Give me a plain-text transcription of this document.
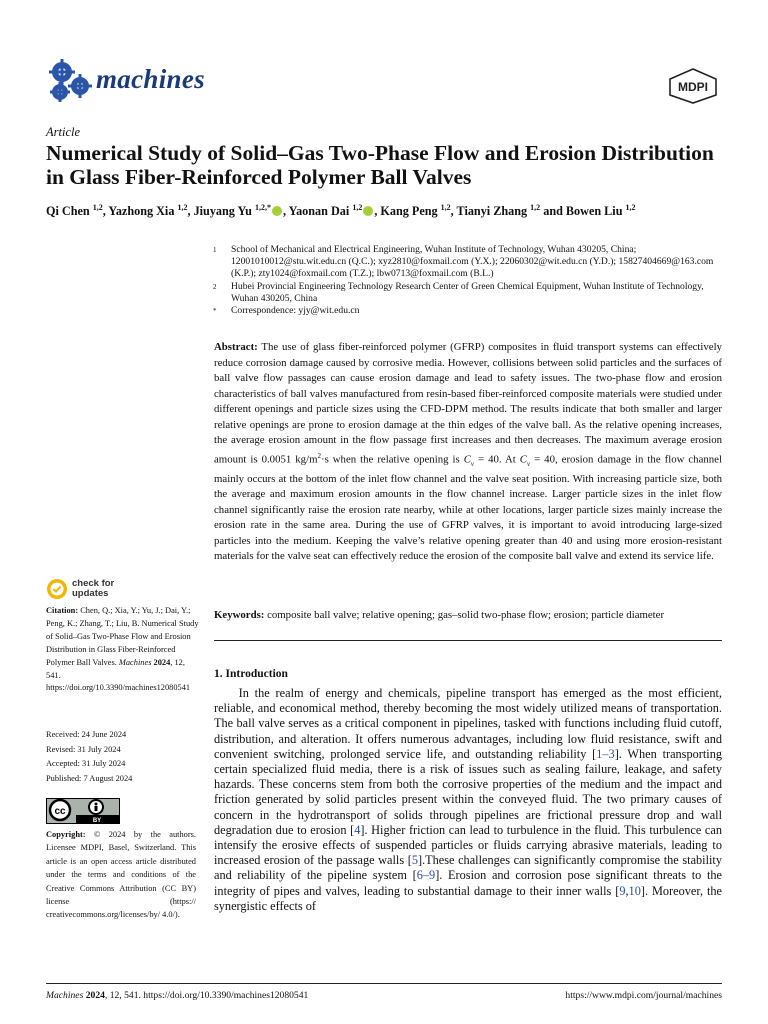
machines	MDPI
Article
Numerical Study of Solid–Gas Two-Phase Flow and Erosion Distribution in Glass Fiber-Reinforced Polymer Ball Valves
Qi Chen $^{1,2}$, Yazhong Xia $^{1,2}$, Jiuyang Yu $^{1,2,*}$ , Yaonan Dai $^{1,2}$ , Kang Peng $^{1,2}$, Tianyi Zhang $^{1,2}$ and Bowen Liu $^{1,2}$
1	School of Mechanical and Electrical Engineering, Wuhan Institute of Technology, Wuhan 430205, China; 12001010012@stu.wit.edu.cn (Q.C.); xyz2810@foxmail.com (Y.X.); 22060302@wit.edu.cn (Y.D.); 15827404669@163.com (K.P.); zty1024@foxmail.com (T.Z.); lbw0713@foxmail.com (B.L.)
2	Hubei Provincial Engineering Technology Research Center of Green Chemical Equipment, Wuhan Institute of Technology, Wuhan 430205, China
*	Correspondence: yjy@wit.edu.cn
Abstract: The use of glass fiber-reinforced polymer (GFRP) composites in fluid transport systems can effectively reduce corrosion damage caused by corrosive media. However, collisions between solid particles and the surfaces of ball valve flow passages can cause erosion damage and lead to safety issues. The two-phase flow and erosion characteristics of ball valves manufactured from resin-based fiber-reinforced composite materials were studied under different openings and particle sizes using the CFD-DPM method. The results indicate that both smaller and larger relative openings are prone to erosion damage at the thin edges of the valve ball. As the relative opening increases, the average erosion amount in the flow passage first increases and then decreases. The maximum average erosion amount is 0.0051 $kg/m^2\cdot s$ when the relative opening is $C_v = 40$. At $C_v = 40$, erosion damage in the flow channel mainly occurs at the bottom of the inlet flow channel and the valve seat position. With increasing particle size, both the average and maximum erosion amounts in the flow channel increase. Larger particle sizes in the inlet flow channel significantly raise the erosion rate nearby, while at other locations, larger particle sizes mainly increase the erosion rate in the same area. During the use of GFRP valves, it is important to avoid introducing large-sized particles into the medium. Keeping the valve’s relative opening greater than 40 and using more erosion-resistant materials for the valve seat can effectively reduce the erosion of the composite ball valve and extend its service life.
Keywords: composite ball valve; relative opening; gas–solid two-phase flow; erosion; particle diameter
1. Introduction
  In the realm of energy and chemicals, pipeline transport has emerged as the most efficient, reliable, and economical method, thereby becoming the most widely utilized means of transportation. The ball valve serves as a critical component in pipelines, tasked with functions including fluid cutoff, distribution, and alteration. It offers numerous advantages, including low fluid resistance, swift and convenient switching, prolonged service life, and outstanding reliability [1–3]. When transporting certain specialized fluid media, there is a risk of issues such as sealing failure, leakage, and safety hazards. These concerns stem from both the corrosive properties of the medium and the impact and friction generated by solid particles present within the conveyed fluid. The two primary causes of concern in the hydrotransport of solids through pipelines are frictional pressure drop and wall degradation due to erosion [4]. Higher friction can lead to turbulence in the fluid. This turbulence can intensify the erosive effects of suspended particles or fluids carrying abrasive materials, leading to increased erosion of the passage walls [5].These challenges can significantly compromise the stability and reliability of the pipeline system [6–9]. Erosion and corrosion pose significant threats to the integrity of pipes and valves, leading to substantial damage to their inner walls [9,10]. Moreover, the synergistic effects of
check for
updates
Citation: Chen, Q.; Xia, Y.; Yu, J.; Dai, Y.; Peng, K.; Zhang, T.; Liu, B. Numerical Study of Solid–Gas Two-Phase Flow and Erosion Distribution in Glass Fiber-Reinforced Polymer Ball Valves. Machines 2024, 12, 541. https://doi.org/10.3390/machines12080541
Received: 24 June 2024
Revised: 31 July 2024
Accepted: 31 July 2024
Published: 7 August 2024
cc
BY
Copyright: © 2024 by the authors. Licensee MDPI, Basel, Switzerland. This article is an open access article distributed under the terms and conditions of the Creative Commons Attribution (CC BY) license (https:// creativecommons.org/licenses/by/ 4.0/).
Machines 2024, 12, 541. https://doi.org/10.3390/machines12080541	https://www.mdpi.com/journal/machines
